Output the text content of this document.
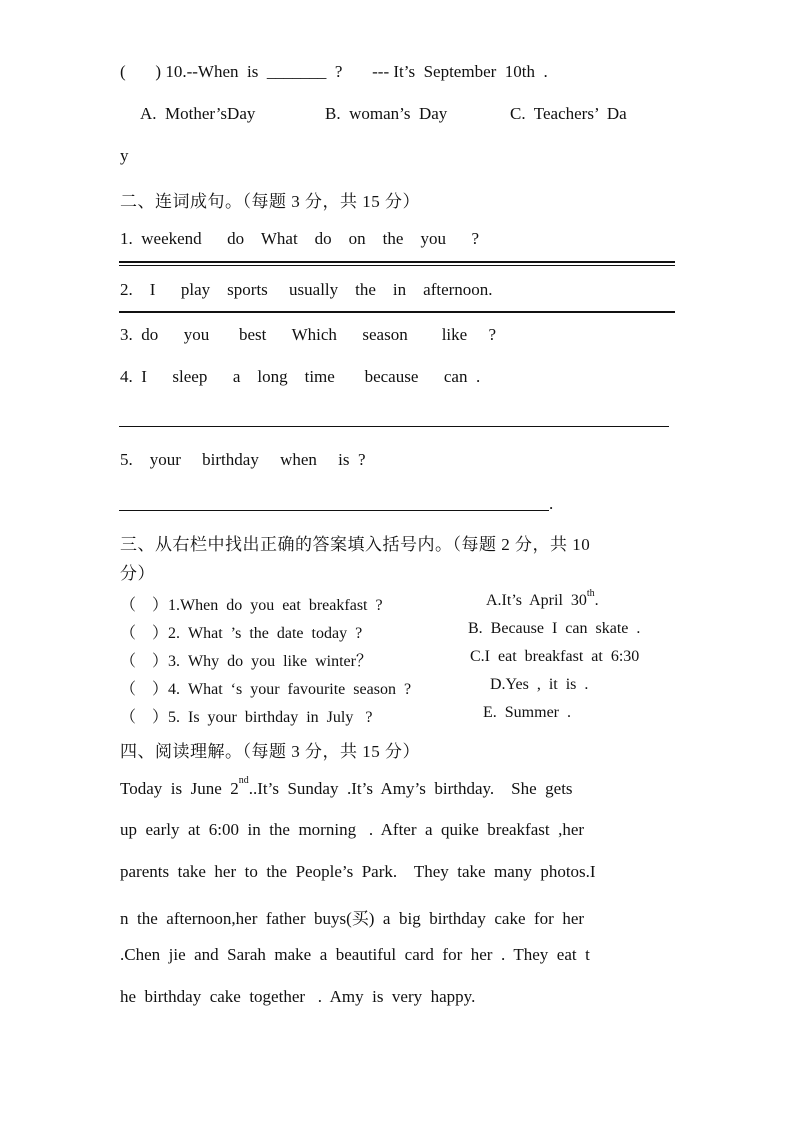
(       ) 10.--When  is  _______  ?       --- It’s  September  10th  .
A.  Mother’sDay	B.  woman’s  Day	C.  Teachers’  Da
y
二、连词成句。（每题 3 分，共 15 分）
1.  weekend      do    What    do    on    the    you      ?
2.    I      play    sports     usually    the    in    afternoon.
3.  do      you       best      Which      season        like     ?
4.  I      sleep      a    long    time       because      can  .
5.    your     birthday     when     is  ?
.
三、从右栏中找出正确的答案填入括号内。（每题 2 分，共 10
分）
（    ）1.When  do  you  eat  breakfast  ?	A.It’s  April  30th.
（    ）2.  What  ’s  the  date  today  ?	B.  Because  I  can  skate  .
（    ）3.  Why  do  you  like  winter？	C.I  eat  breakfast  at  6:30
（    ）4.  What  ‘s  your  favourite  season  ?	D.Yes  ,  it  is  .
（    ）5.  Is  your  birthday  in  July   ?	E.  Summer  .
四、阅读理解。（每题 3 分，共 15 分）
Today  is  June  2nd..It’s  Sunday  .It’s  Amy’s  birthday.    She  gets
up  early  at  6:00  in  the  morning   .  After  a  quike  breakfast  ,her
parents  take  her  to  the  People’s  Park.    They  take  many  photos.I
n  the  afternoon,her  father  buys(买)  a  big  birthday  cake  for  her
.Chen  jie  and  Sarah  make  a  beautiful  card  for  her  .  They  eat  t
he  birthday  cake  together   .  Amy  is  very  happy.
